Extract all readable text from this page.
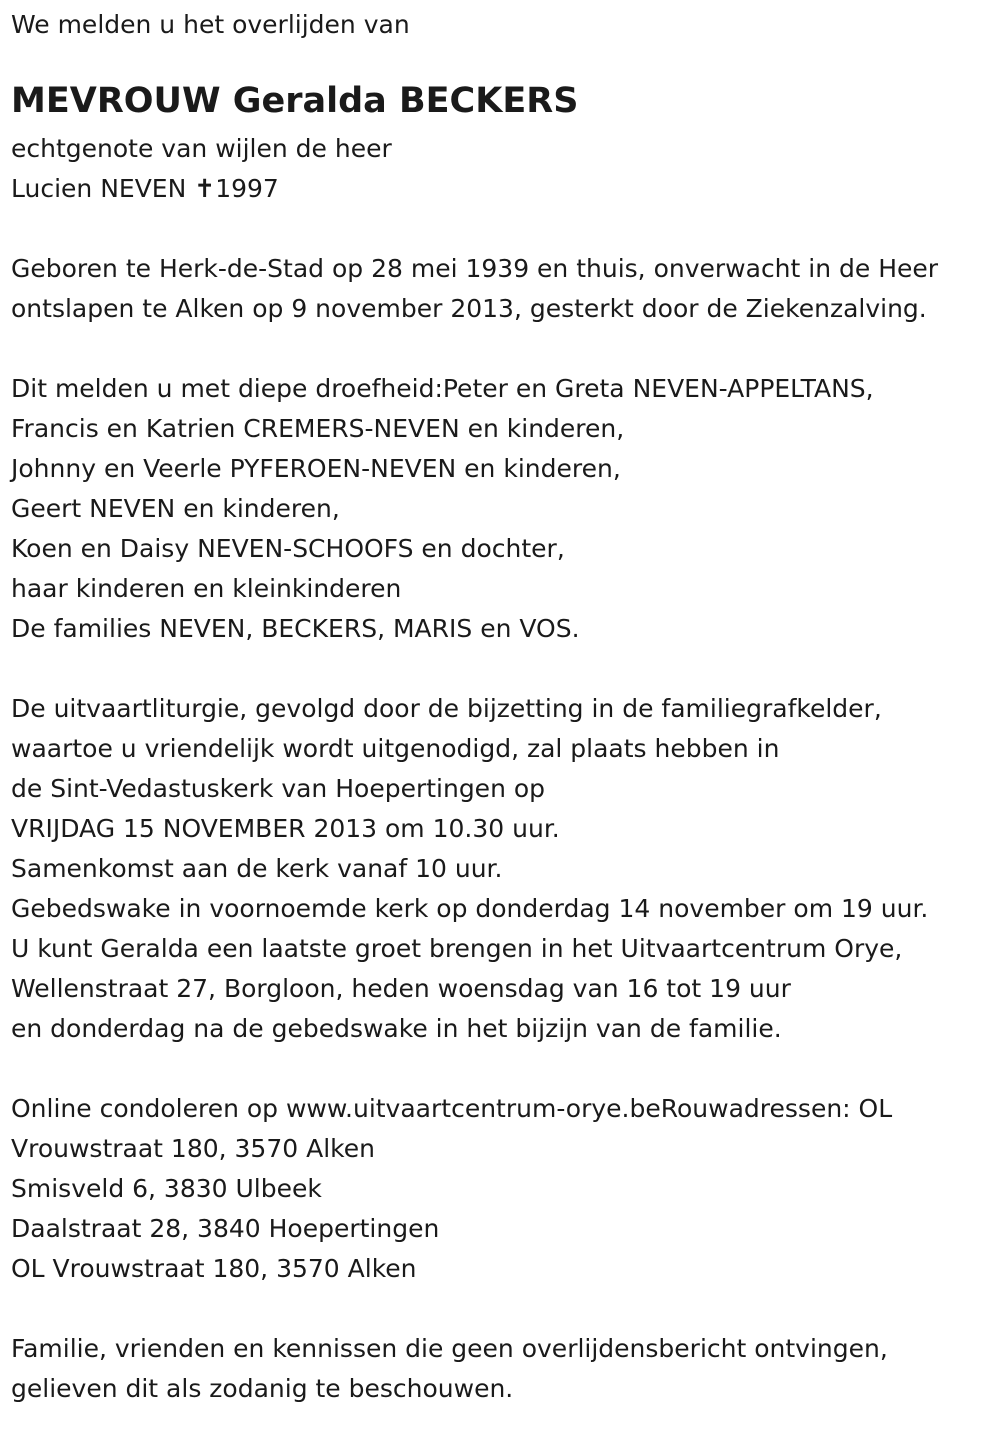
We melden u het overlijden van
MEVROUW Geralda BECKERS
echtgenote van wijlen de heer
Lucien NEVEN ✝1997
Geboren te Herk-de-Stad op 28 mei 1939 en thuis, onverwacht in de Heer
ontslapen te Alken op 9 november 2013, gesterkt door de Ziekenzalving.
Dit melden u met diepe droefheid:Peter en Greta NEVEN-APPELTANS,
Francis en Katrien CREMERS-NEVEN en kinderen,
Johnny en Veerle PYFEROEN-NEVEN en kinderen,
Geert NEVEN en kinderen,
Koen en Daisy NEVEN-SCHOOFS en dochter,
haar kinderen en kleinkinderen
De families NEVEN, BECKERS, MARIS en VOS.
De uitvaartliturgie, gevolgd door de bijzetting in de familiegrafkelder,
waartoe u vriendelijk wordt uitgenodigd, zal plaats hebben in
de Sint-Vedastuskerk van Hoepertingen op
VRIJDAG 15 NOVEMBER 2013 om 10.30 uur.
Samenkomst aan de kerk vanaf 10 uur.
Gebedswake in voornoemde kerk op donderdag 14 november om 19 uur.
U kunt Geralda een laatste groet brengen in het Uitvaartcentrum Orye,
Wellenstraat 27, Borgloon, heden woensdag van 16 tot 19 uur
en donderdag na de gebedswake in het bijzijn van de familie.
Online condoleren op www.uitvaartcentrum-orye.beRouwadressen: OL
Vrouwstraat 180, 3570 Alken
Smisveld 6, 3830 Ulbeek
Daalstraat 28, 3840 Hoepertingen
OL Vrouwstraat 180, 3570 Alken
Familie, vrienden en kennissen die geen overlijdensbericht ontvingen,
gelieven dit als zodanig te beschouwen.
